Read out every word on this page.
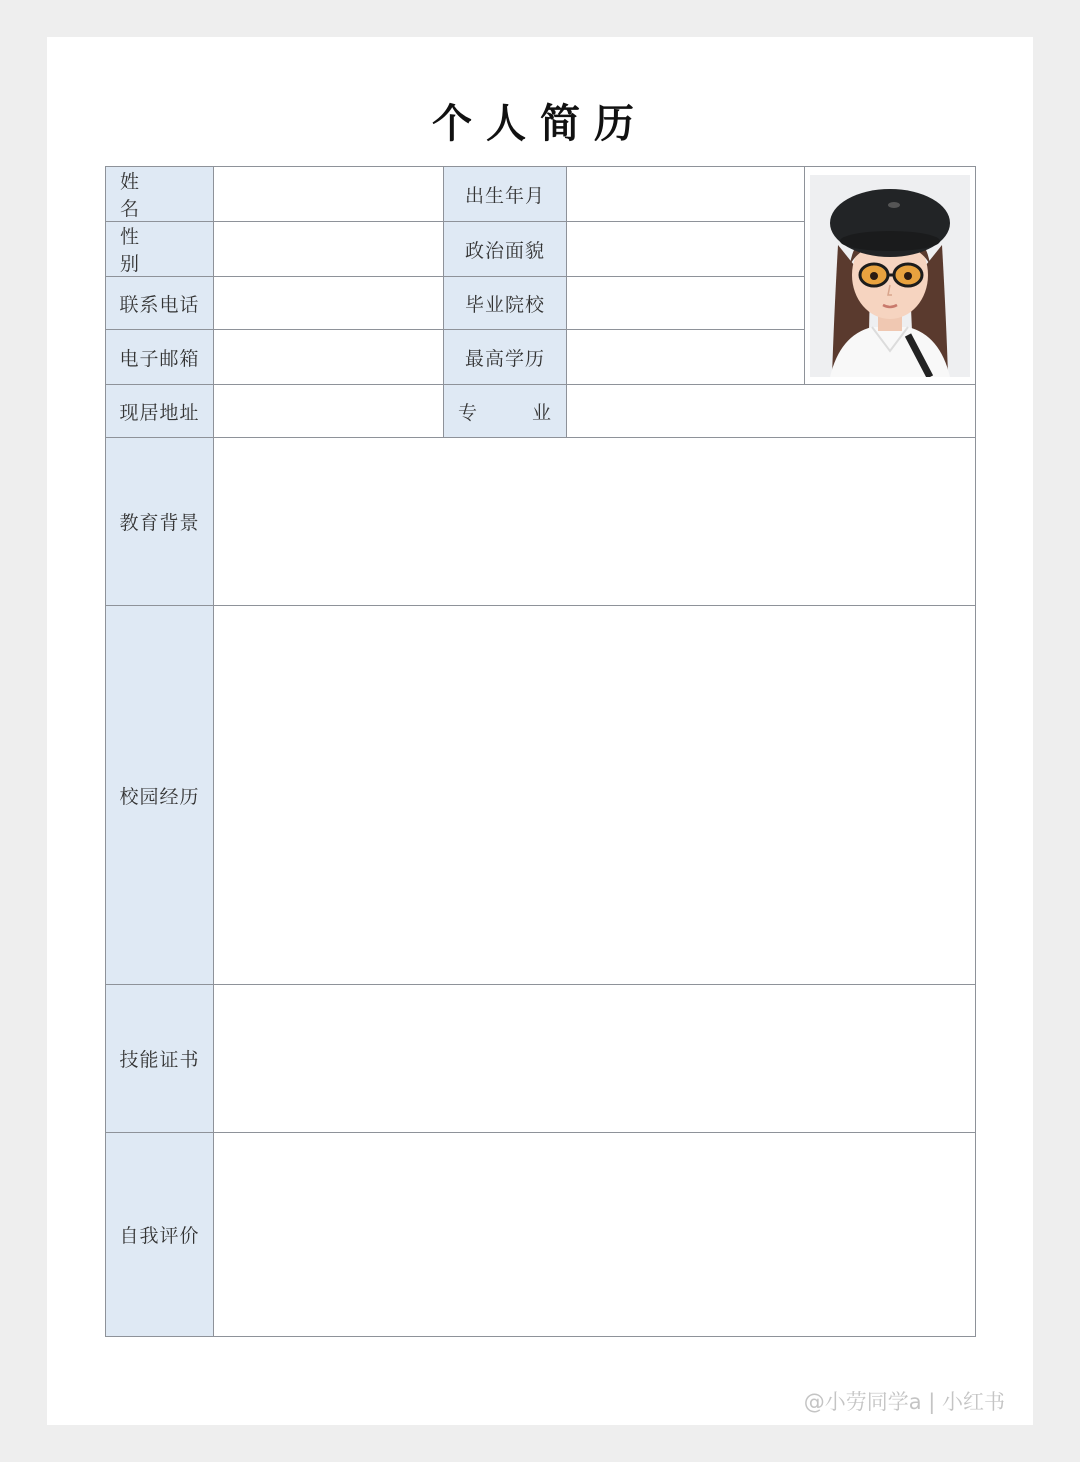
个人简历
姓　　名		出生年月		

性　　别		政治面貌		
联系电话		毕业院校		
电子邮箱		最高学历		
现居地址		专　　业		
教育背景				
校园经历				
技能证书				
自我评价				
@小劳同学a | 小红书
